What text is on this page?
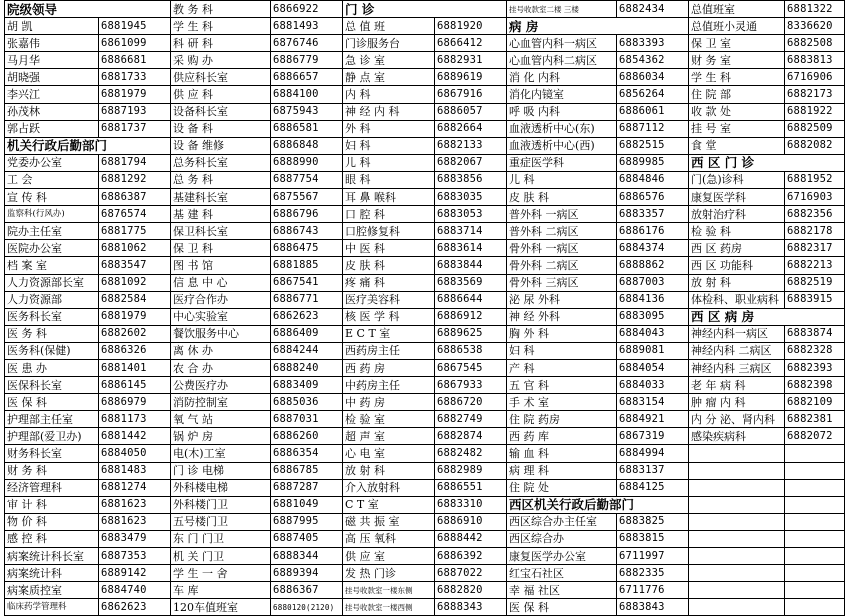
院级领导		教 务 科	6866922	门 诊		挂号收款室二楼 三楼	6882434	总值班室	6881322
胡 凯	6881945	学 生 科	6881493	总 值 班	6881920	病 房		总值班小灵通	8336620
张嘉伟	6861099	科 研 科	6876746	门诊服务台	6866412	心血管内科一病区	6883393	保 卫 室	6882508
马月华	6886681	采 购 办	6886779	急 诊 室	6882931	心血管内科二病区	6854362	财 务 室	6883813
胡晓强	6881733	供应科长室	6886657	静 点 室	6889619	消 化 内科	6886034	学 生 科	6716906
李兴江	6881979	供 应 科	6884100	内 科	6867916	消化内镜室	6856264	住 院 部	6882173
孙茂林	6887193	设备科长室	6875943	神 经 内 科	6886057	呼 吸 内科	6886061	收 款 处	6881922
郭占跃	6881737	设 备 科	6886581	外 科	6882664	血液透析中心(东)	6887112	挂 号 室	6882509
机关行政后勤部门		设 备 维修	6886848	妇 科	6882133	血液透析中心(西)	6882515	食 堂	6882082
党委办公室	6881794	总务科长室	6888990	儿 科	6882067	重症医学科	6889985	西 区 门 诊	
工 会	6881292	总 务 科	6887754	眼 科	6883856	儿 科	6884846	门(急)诊科	6881952
宣 传 科	6886387	基建科长室	6875567	耳 鼻 喉科	6883035	皮 肤 科	6886576	康复医学科	6716903
监察科(行风办)	6876574	基 建 科	6886796	口 腔 科	6883053	普外科 一病区	6883357	放射治疗科	6882356
院办主任室	6881775	保卫科长室	6886743	口腔修复科	6883714	普外科 二病区	6886176	检 验 科	6882178
医院办公室	6881062	保 卫 科	6886475	中 医 科	6883614	骨外科 一病区	6884374	西 区 药房	6882317
档 案 室	6883547	图 书 馆	6881885	皮 肤 科	6883844	骨外科 二病区	6888862	西 区 功能科	6882213
人力资源部长室	6881092	信 息 中 心	6867541	疼 痛 科	6883569	骨外科 三病区	6887003	放 射 科	6882519
人力资源部	6882584	医疗合作办	6886771	医疗美容科	6886644	泌 尿 外科	6884136	体检科、职业病科	6883915
医务科长室	6881979	中心实验室	6862623	核 医 学 科	6886912	神 经 外科	6883095	西 区 病 房	
医 务 科	6882602	餐饮服务中心	6886409	E C T 室	6889625	胸 外 科	6884043	神经内科一病区	6883874
医务科(保健)	6886326	离 休 办	6884244	西药房主任	6886538	妇 科	6889081	神经内科 二病区	6882328
医 患 办	6881401	农 合 办	6888240	西 药 房	6867545	产 科	6884054	神经内科 三病区	6882393
医保科长室	6886145	公费医疗办	6883409	中药房主任	6867933	五 官 科	6884033	老 年 病 科	6882398
医 保 科	6886979	消防控制室	6885036	中 药 房	6886720	手 术 室	6883154	肿 瘤 内 科	6882109
护理部主任室	6881173	氧 气 站	6887031	检 验 室	6882749	住 院 药房	6884921	内 分 泌、肾内科	6882381
护理部(爱卫办)	6881442	锅 炉 房	6886260	超 声 室	6882874	西 药 库	6867319	感染疾病科	6882072
财务科长室	6884050	电(木)工室	6886354	心 电 室	6882482	输 血 科	6884994		
财 务 科	6881483	门 诊 电梯	6886785	放 射 科	6882989	病 理 科	6883137		
经济管理科	6881274	外科楼电梯	6887287	介入放射科	6886551	住 院 处	6884125		
审 计 科	6881623	外科楼门卫	6881049	C T 室	6883310	西区机关行政后勤部门			
物 价 科	6881623	五号楼门卫	6887995	磁 共 振 室	6886910	西区综合办主任室	6883825		
感 控 科	6883479	东 门 门卫	6887405	高 压 氧科	6888442	西区综合办	6883815		
病案统计科长室	6887353	机 关 门卫	6888344	供 应 室	6886392	康复医学办公室	6711997		
病案统计科	6889142	学 生 一 舍	6889394	发 热 门诊	6887022	红宝石社区	6882335		
病案质控室	6884740	车 库	6886367	挂号收款室一楼东侧	6882820	幸 福 社区	6711776		
临床药学管理科	6862623	120车值班室	6880120(2120)	挂号收款室一楼西侧	6888343	医 保 科	6883843		
